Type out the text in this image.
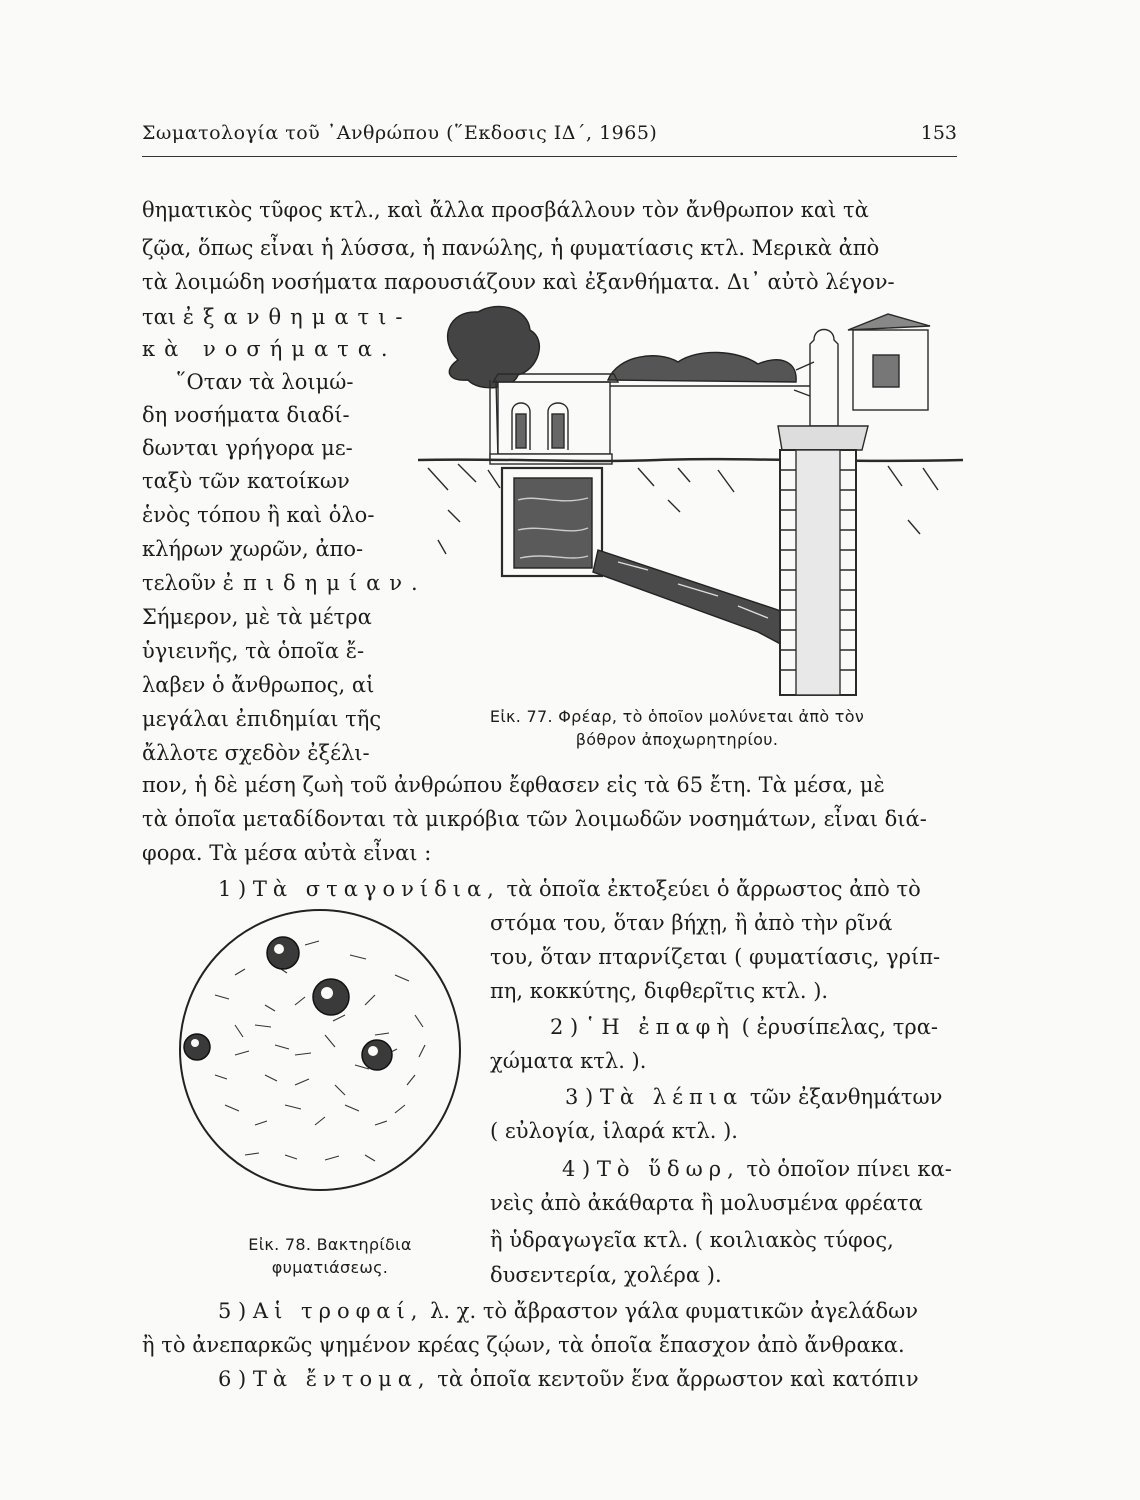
Σωματολογία τοῦ ᾿Ανθρώπου (῞Εκδοσις ΙΔ΄, 1965)	153
θηματικὸς τῦφος κτλ., καὶ ἄλλα προσβάλλουν τὸν ἄνθρωπον καὶ τὰ
ζῷα, ὅπως εἶναι ἡ λύσσα, ἡ πανώλης, ἡ φυματίασις κτλ. Μερικὰ ἀπὸ
τὰ λοιμώδη νοσήματα παρουσιάζουν καὶ ἐξανθήματα. Δι᾿ αὐτὸ λέγον-
ται ἐξανθηματι-
κὰ νοσήματα.
῞Οταν τὰ λοιμώ-
δη νοσήματα διαδί-
δωνται γρήγορα με-
ταξὺ τῶν κατοίκων
ἑνὸς τόπου ἢ καὶ ὁλο-
κλήρων χωρῶν, ἀπο-
τελοῦν ἐπιδημίαν.
Σήμερον, μὲ τὰ μέτρα
ὑγιεινῆς, τὰ ὁποῖα ἔ-
λαβεν ὁ ἄνθρωπος, αἱ
μεγάλαι ἐπιδημίαι τῆς
ἄλλοτε σχεδὸν ἐξέλι-
Εἰκ. 77. Φρέαρ, τὸ ὁποῖον μολύνεται ἀπὸ τὸν
βόθρον ἀποχωρητηρίου.
πον, ἡ δὲ μέση ζωὴ τοῦ ἀνθρώπου ἔφθασεν εἰς τὰ 65 ἔτη. Τὰ μέσα, μὲ
τὰ ὁποῖα μεταδίδονται τὰ μικρόβια τῶν λοιμωδῶν νοσημάτων, εἶναι διά-
φορα. Τὰ μέσα αὐτὰ εἶναι :
1 ) Τὰ σταγονίδια, τὰ ὁποῖα ἐκτοξεύει ὁ ἄρρωστος ἀπὸ τὸ
στόμα του, ὅταν βήχῃ, ἢ ἀπὸ τὴν ρῖνά
του, ὅταν πταρνίζεται ( φυματίασις, γρίπ-
πη, κοκκύτης, διφθερῖτις κτλ. ).
2 ) ῾Η ἐπαφὴ ( ἐρυσίπελας, τρα-
χώματα κτλ. ).
3 ) Τὰ λέπια τῶν ἐξανθημάτων
( εὐλογία, ἱλαρά κτλ. ).
4 ) Τὸ ὕδωρ, τὸ ὁποῖον πίνει κα-
νεὶς ἀπὸ ἀκάθαρτα ἢ μολυσμένα φρέατα
ἢ ὑδραγωγεῖα κτλ. ( κοιλιακὸς τύφος,
δυσεντερία, χολέρα ).
Εἰκ. 78. Βακτηρίδια
φυματιάσεως.
5 ) Αἱ τροφαί, λ. χ. τὸ ἄβραστον γάλα φυματικῶν ἀγελάδων
ἢ τὸ ἀνεπαρκῶς ψημένον κρέας ζῴων, τὰ ὁποῖα ἔπασχον ἀπὸ ἄνθρακα.
6 ) Τὰ ἔντομα, τὰ ὁποῖα κεντοῦν ἕνα ἄρρωστον καὶ κατόπιν
